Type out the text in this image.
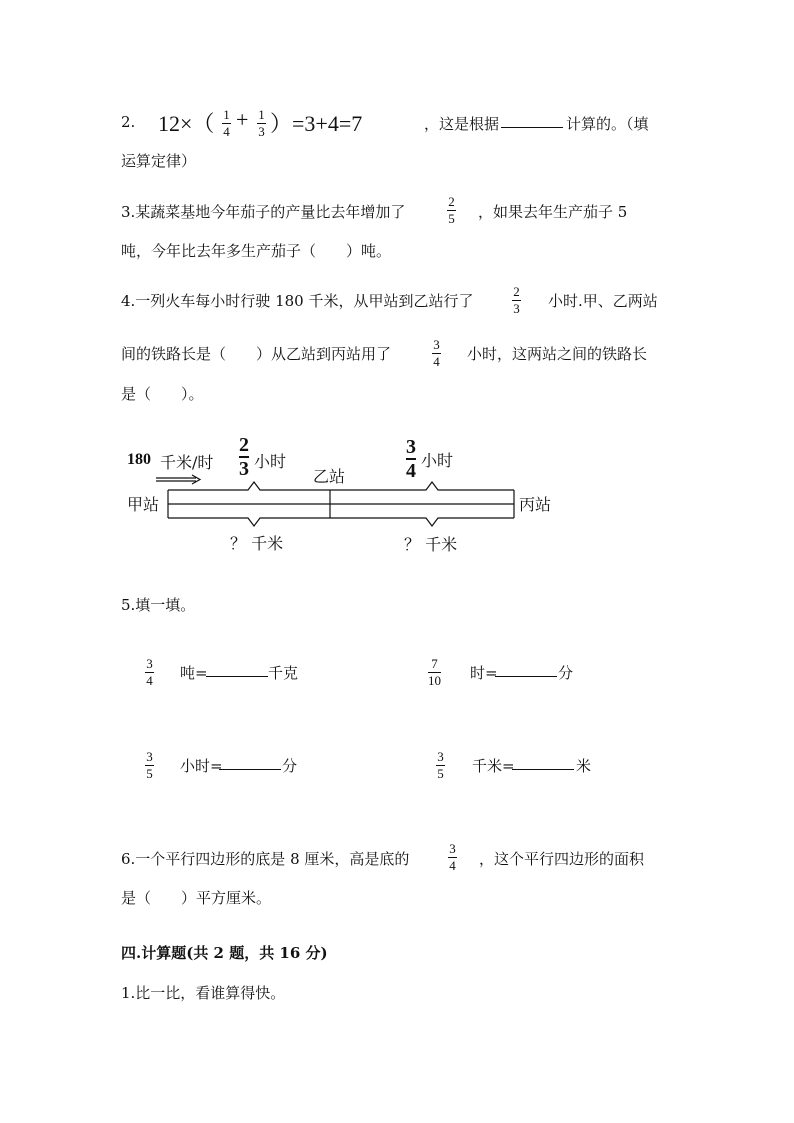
2. 12×（ 1
4 + 1
3 ）=3+4=7	，这是根据	计算的。（填
运算定律）
3.某蔬菜基地今年茄子的产量比去年增加了
2
5 ，如果去年生产茄子 5
吨，今年比去年多生产茄子（　　）吨。
4.一列火车每小时行驶 180 千米，从甲站到乙站行了
2
3 小时.甲、乙两站
间的铁路长是（　　）从乙站到丙站用了
3
4 小时，这两站之间的铁路长
是（　　）。
180 千米/时
2
3 小时
乙站
3
4 小时
甲站	丙站
？ 千米	？ 千米
5.填一填。
3
4 吨=	千克
7
10 时=	分
3
5 小时=	分
3
5 千米=	米
6.一个平行四边形的底是 8 厘米，高是底的
3
4 ，这个平行四边形的面积
是（　　）平方厘米。
四.计算题(共 2 题，共 16 分)
1.比一比，看谁算得快。
